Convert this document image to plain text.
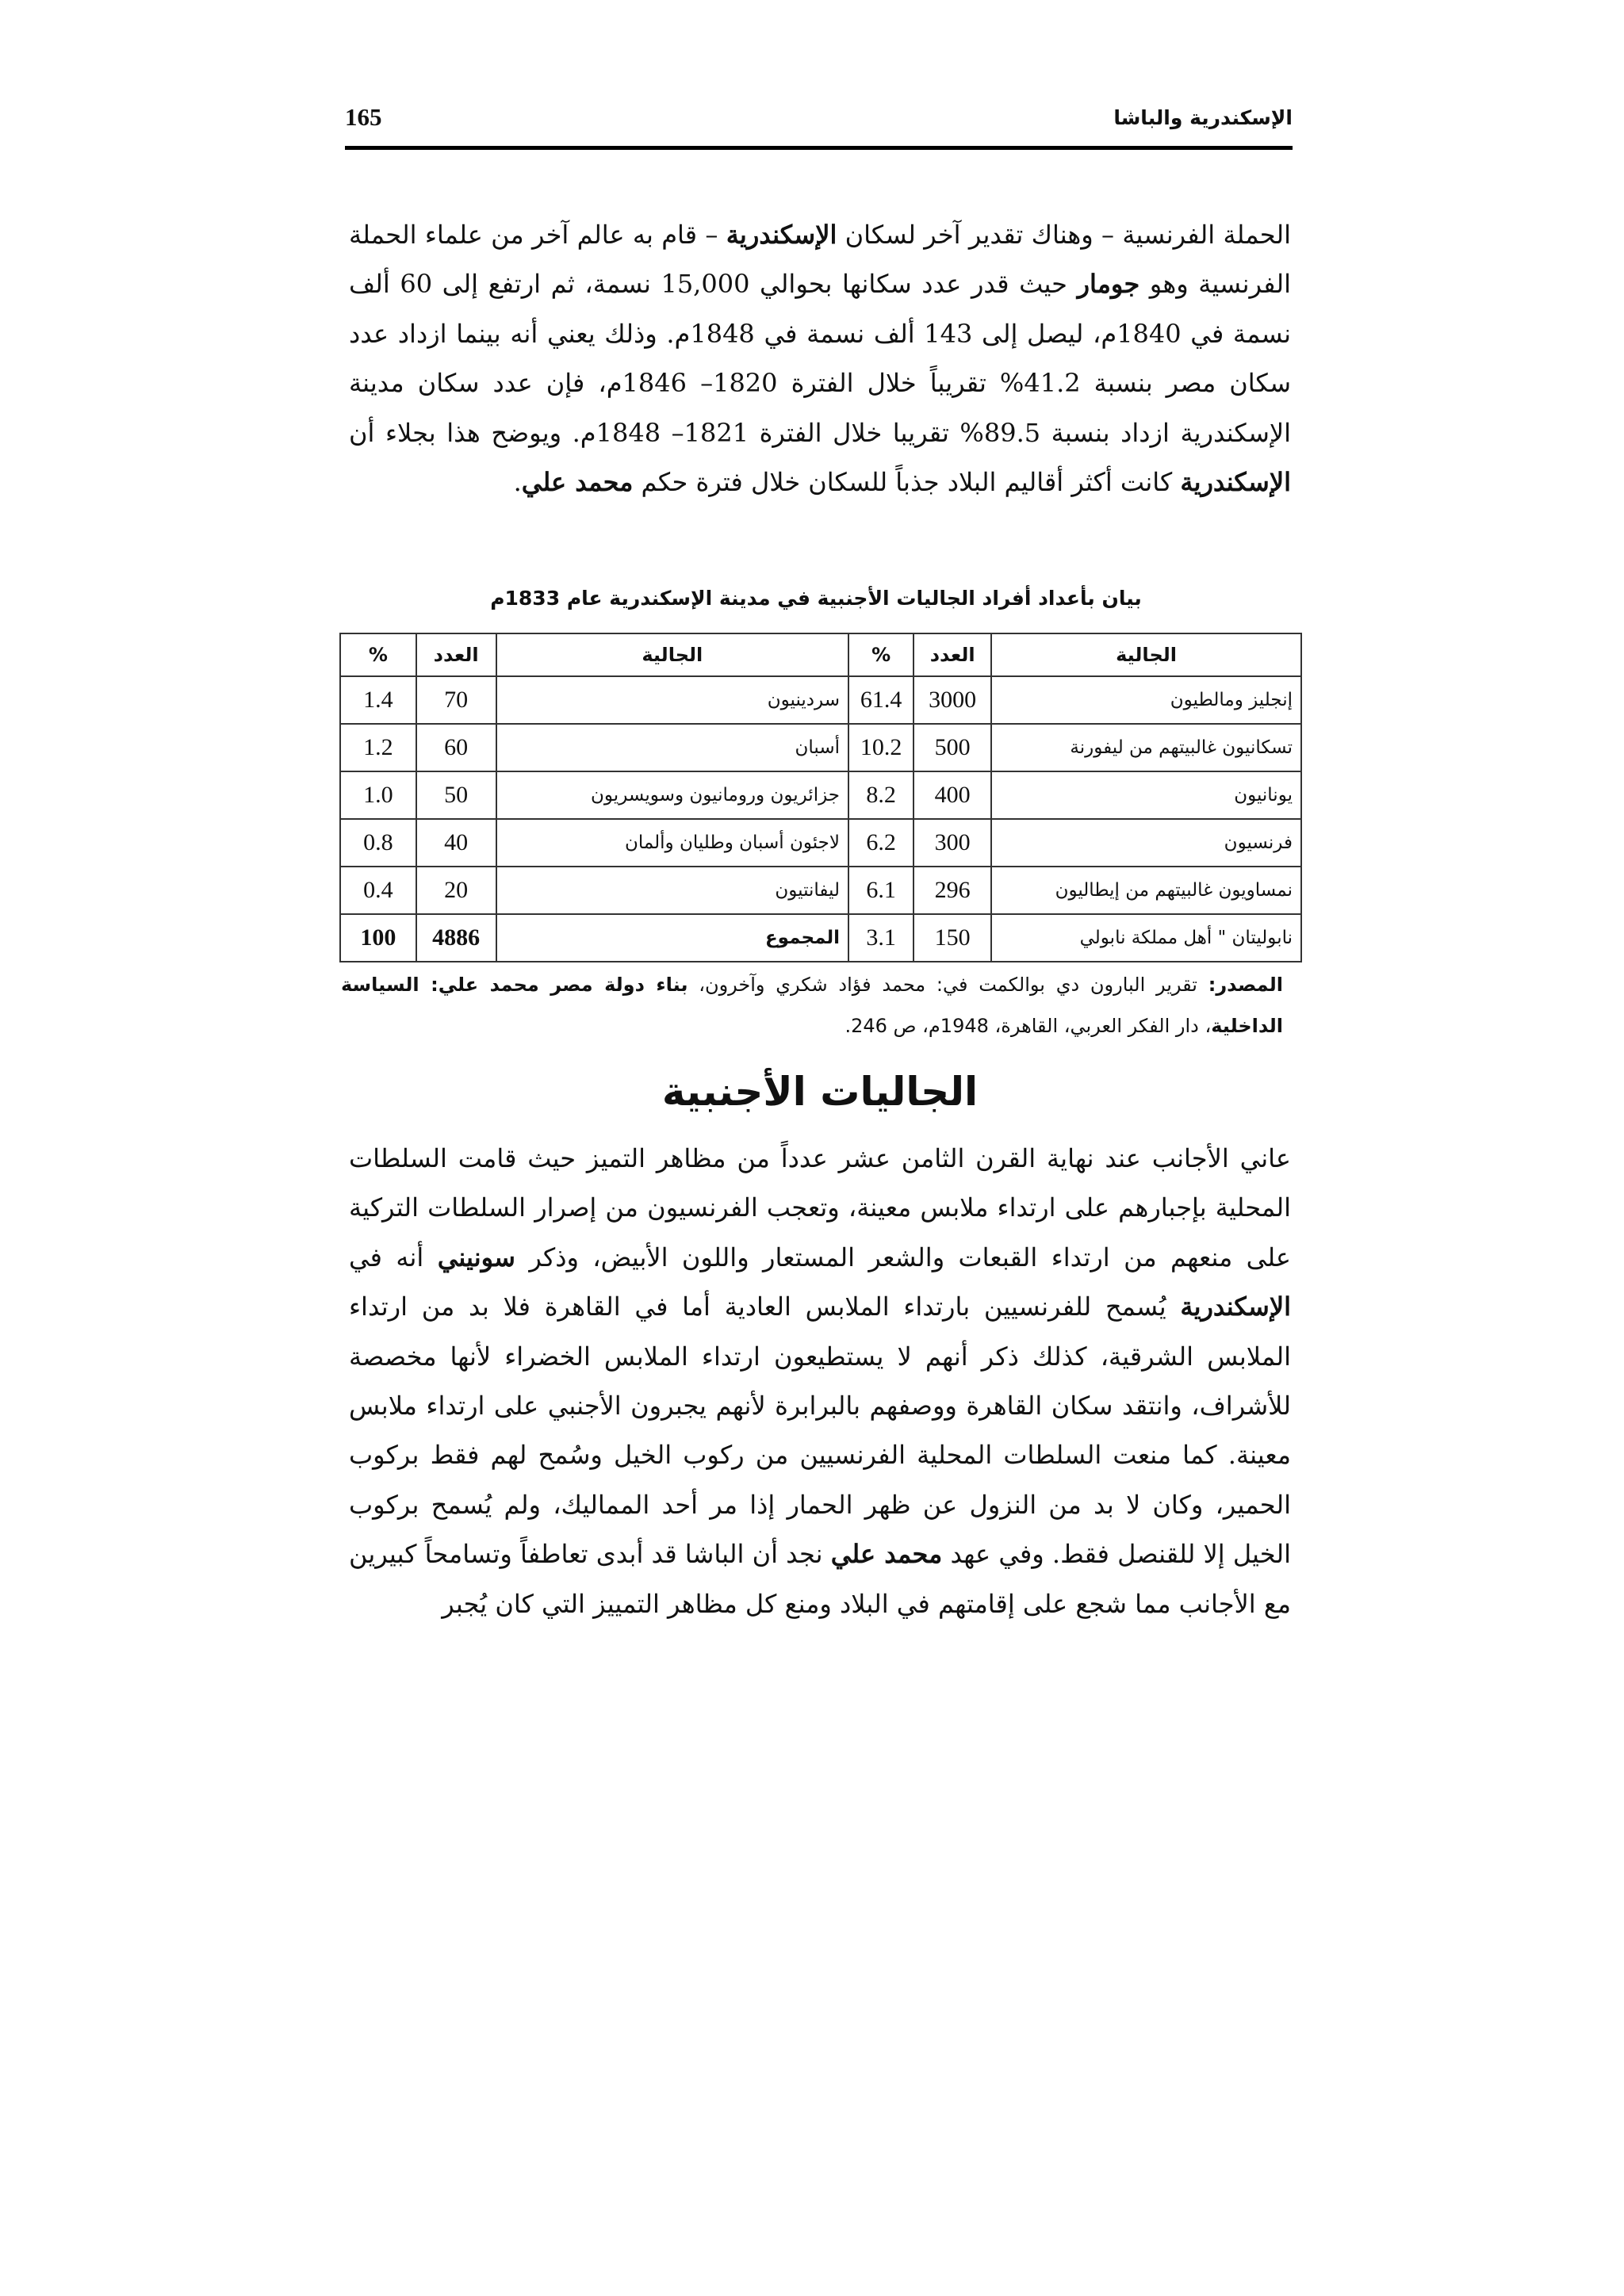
الإسكندرية والباشا
165

الحملة الفرنسية – وهناك تقدير آخر لسكان الإسكندرية – قام به عالم آخر من علماء الحملة الفرنسية وهو جومار حيث قدر عدد سكانها بحوالي 15,000 نسمة، ثم ارتفع إلى 60 ألف نسمة في 1840م، ليصل إلى 143 ألف نسمة في 1848م. وذلك يعني أنه بينما ازداد عدد سكان مصر بنسبة 41.2% تقريباً خلال الفترة 1820– 1846م، فإن عدد سكان مدينة الإسكندرية ازداد بنسبة 89.5% تقريبا خلال الفترة 1821– 1848م. ويوضح هذا بجلاء أن الإسكندرية كانت أكثر أقاليم البلاد جذباً للسكان خلال فترة حكم محمد علي.

بيان بأعداد أفراد الجاليات الأجنبية في مدينة الإسكندرية عام 1833م
الجالية	العدد	%	الجالية	العدد	%
إنجليز ومالطيون	3000	61.4	سردينيون	70	1.4
تسكانيون غالبيتهم من ليفورنة	500	10.2	أسبان	60	1.2
يونانيون	400	8.2	جزائريون ورومانيون وسويسريون	50	1.0
فرنسيون	300	6.2	لاجئون أسبان وطليان وألمان	40	0.8
نمساويون غالبيتهم من إيطاليون	296	6.1	ليفانتيون	20	0.4
نابوليتان " أهل مملكة نابولي	150	3.1	المجموع	4886	100

المصدر: تقرير البارون دي بوالكمت في: محمد فؤاد شكري وآخرون، بناء دولة مصر محمد علي: السياسة الداخلية، دار الفكر العربي، القاهرة، 1948م، ص 246.

الجاليات الأجنبية

عاني الأجانب عند نهاية القرن الثامن عشر عدداً من مظاهر التميز حيث قامت السلطات المحلية بإجبارهم على ارتداء ملابس معينة، وتعجب الفرنسيون من إصرار السلطات التركية على منعهم من ارتداء القبعات والشعر المستعار واللون الأبيض، وذكر سونيني أنه في الإسكندرية يُسمح للفرنسيين بارتداء الملابس العادية أما في القاهرة فلا بد من ارتداء الملابس الشرقية، كذلك ذكر أنهم لا يستطيعون ارتداء الملابس الخضراء لأنها مخصصة للأشراف، وانتقد سكان القاهرة ووصفهم بالبرابرة لأنهم يجبرون الأجنبي على ارتداء ملابس معينة. كما منعت السلطات المحلية الفرنسيين من ركوب الخيل وسُمح لهم فقط بركوب الحمير، وكان لا بد من النزول عن ظهر الحمار إذا مر أحد المماليك، ولم يُسمح بركوب الخيل إلا للقنصل فقط. وفي عهد محمد علي نجد أن الباشا قد أبدى تعاطفاً وتسامحاً كبيرين مع الأجانب مما شجع على إقامتهم في البلاد ومنع كل مظاهر التمييز التي كان يُجبر
